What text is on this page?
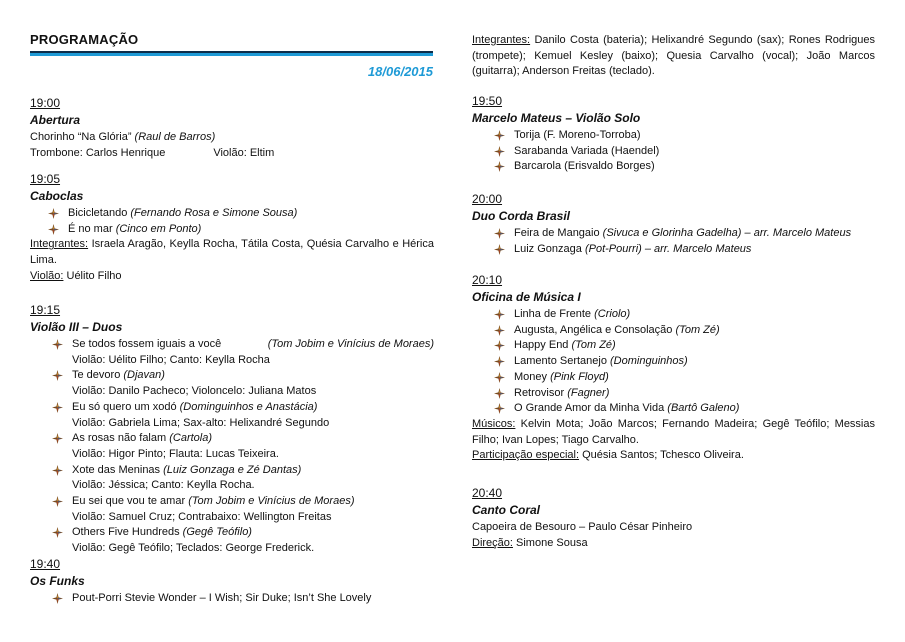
PROGRAMAÇÃO
18/06/2015
19:00
Abertura
Chorinho “Na Glória” (Raul de Barros)
Trombone: Carlos Henrique	Violão: Eltim
19:05
Caboclas
Bicicletando (Fernando Rosa e Simone Sousa)
É no mar (Cinco em Ponto)
Integrantes: Israela Aragão, Keylla Rocha, Tátila Costa, Quésia Carvalho e Hérica Lima.
Violão: Uélito Filho
19:15
Violão III – Duos
Se todos fossem iguais a você	(Tom Jobim e Vinícius de Moraes)
Violão: Uélito Filho; Canto: Keylla Rocha
Te devoro (Djavan)
Violão: Danilo Pacheco; Violoncelo: Juliana Matos
Eu só quero um xodó (Dominguinhos e Anastácia)
Violão: Gabriela Lima; Sax-alto: Helixandré Segundo
As rosas não falam (Cartola)
Violão: Higor Pinto; Flauta: Lucas Teixeira.
Xote das Meninas (Luiz Gonzaga e Zé Dantas)
Violão: Jéssica; Canto: Keylla Rocha.
Eu sei que vou te amar (Tom Jobim e Vinícius de Moraes)
Violão: Samuel Cruz; Contrabaixo: Wellington Freitas
Others Five Hundreds (Gegê Teófilo)
Violão: Gegê Teófilo; Teclados: George Frederick.
19:40
Os Funks
Pout-Porri Stevie Wonder – I Wish; Sir Duke; Isn’t She Lovely
Integrantes: Danilo Costa (bateria); Helixandré Segundo (sax); Rones Rodrigues (trompete); Kemuel Kesley (baixo); Quesia Carvalho (vocal); João Marcos (guitarra); Anderson Freitas (teclado).
19:50
Marcelo Mateus – Violão Solo
Torija (F. Moreno-Torroba)
Sarabanda Variada (Haendel)
Barcarola (Erisvaldo Borges)
20:00
Duo Corda Brasil
Feira de Mangaio (Sivuca e Glorinha Gadelha) – arr. Marcelo Mateus
Luiz Gonzaga (Pot-Pourri) – arr. Marcelo Mateus
20:10
Oficina de Música I
Linha de Frente (Criolo)
Augusta, Angélica e Consolação (Tom Zé)
Happy End (Tom Zé)
Lamento Sertanejo (Dominguinhos)
Money (Pink Floyd)
Retrovisor (Fagner)
O Grande Amor da Minha Vida (Bartô Galeno)
Músicos: Kelvin Mota; João Marcos; Fernando Madeira; Gegê Teófilo; Messias Filho; Ivan Lopes; Tiago Carvalho.
Participação especial: Quésia Santos; Tchesco Oliveira.
20:40
Canto Coral
Capoeira de Besouro – Paulo César Pinheiro
Direção: Simone Sousa
